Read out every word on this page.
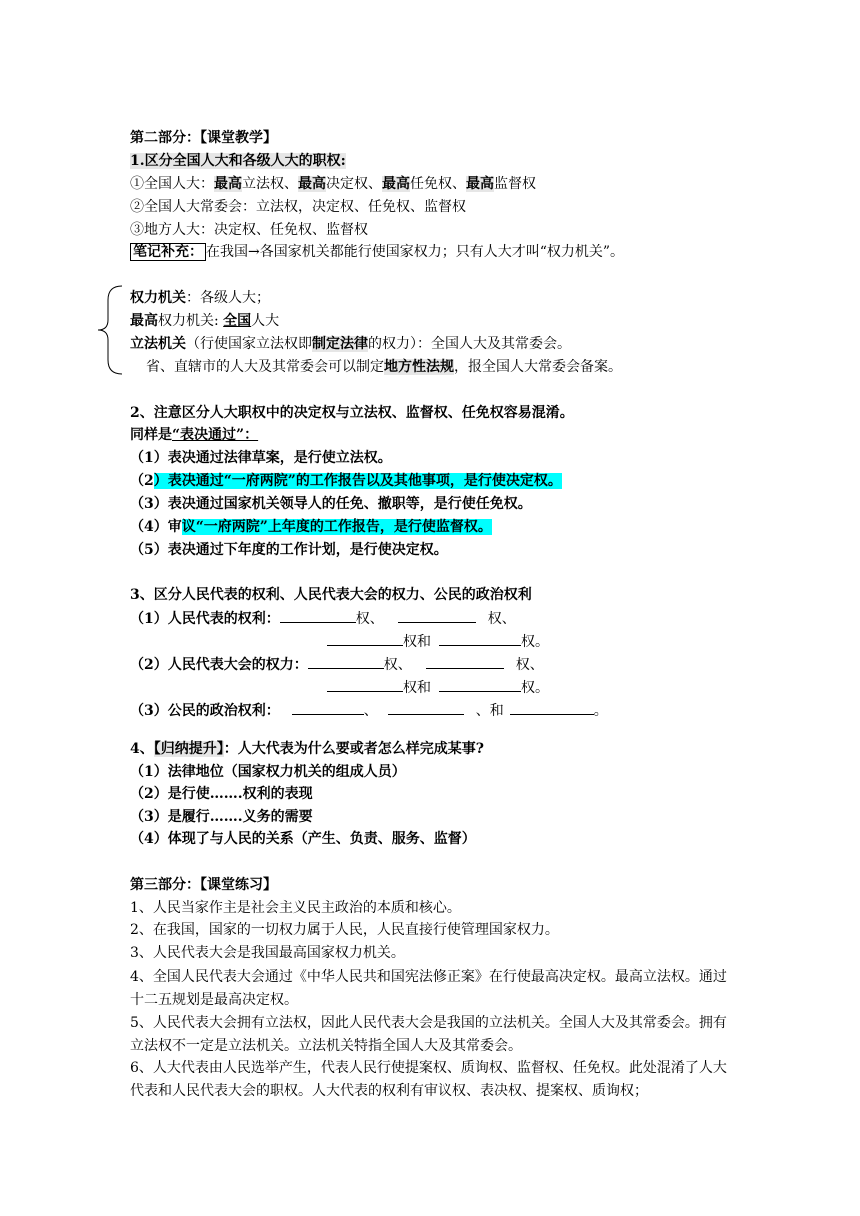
第二部分：【课堂教学】
1.区分全国人大和各级人大的职权:
①全国人大：最高立法权、最高决定权、最高任免权、最高监督权
②全国人大常委会：立法权，决定权、任免权、监督权
③地方人大：决定权、任免权、监督权
笔记补充： 在我国→各国家机关都能行使国家权力；只有人大才叫“权力机关”。
权力机关：各级人大；
最高权力机关: 全国人大
立法机关（行使国家立法权即制定法律的权力）：全国人大及其常委会。
省、直辖市的人大及其常委会可以制定地方性法规，报全国人大常委会备案。
2、注意区分人大职权中的决定权与立法权、监督权、任免权容易混淆。
同样是“表决通过”：
（1）表决通过法律草案，是行使立法权。
（2）表决通过“一府两院”的工作报告以及其他事项，是行使决定权。
（3）表决通过国家机关领导人的任免、撤职等，是行使任免权。
（4）审议“一府两院”上年度的工作报告，是行使监督权。
（5）表决通过下年度的工作计划，是行使决定权。
3、区分人民代表的权利、人民代表大会的权力、公民的政治权利
（1）人民代表的权利：	权、	权、
权和	权。
（2）人民代表大会的权力：	权、	权、
权和	权。
（3）公民的政治权利：	、	、和	。
4、【归纳提升】：人大代表为什么要或者怎么样完成某事?
（1）法律地位（国家权力机关的组成人员）
（2）是行使…….权利的表现
（3）是履行…….义务的需要
（4）体现了与人民的关系（产生、负责、服务、监督）
第三部分：【课堂练习】
1、人民当家作主是社会主义民主政治的本质和核心。
2、在我国，国家的一切权力属于人民，人民直接行使管理国家权力。
3、人民代表大会是我国最高国家权力机关。
4、全国人民代表大会通过《中华人民共和国宪法修正案》在行使最高决定权。最高立法权。通过十二五规划是最高决定权。
5、人民代表大会拥有立法权，因此人民代表大会是我国的立法机关。全国人大及其常委会。拥有立法权不一定是立法机关。立法机关特指全国人大及其常委会。
6、人大代表由人民选举产生，代表人民行使提案权、质询权、监督权、任免权。此处混淆了人大代表和人民代表大会的职权。人大代表的权利有审议权、表决权、提案权、质询权；
